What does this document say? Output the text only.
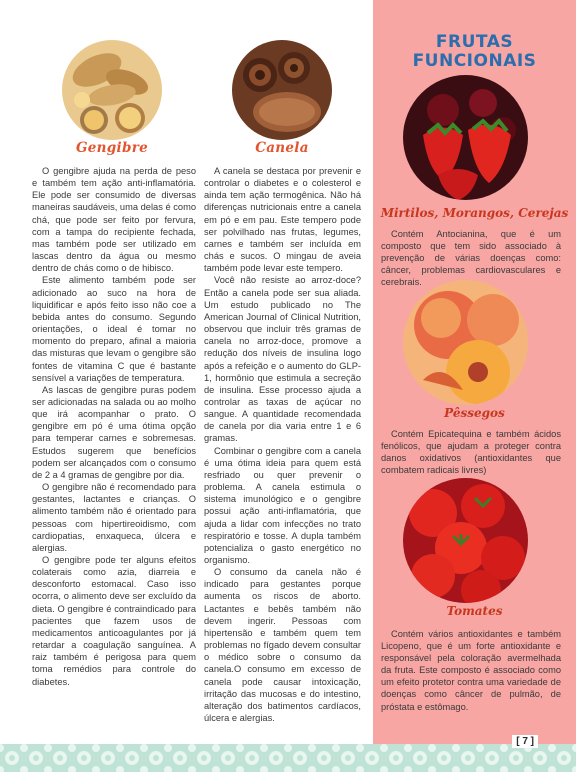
Gengibre

O gengibre ajuda na perda de peso e também tem ação anti-inflamatória. Ele pode ser consumido de diversas maneiras saudáveis, uma delas é como chá, que pode ser feito por fervura, com a tampa do recipiente fechada, mas também pode ser utilizado em lascas dentro da água ou mesmo dentro de chás como o de hibisco.

Este alimento também pode ser adicionado ao suco na hora de liquidificar e após feito isso não coe a bebida antes do consumo. Segundo orientações, o ideal é tomar no momento do preparo, afinal a maioria das misturas que levam o gengibre são fontes de vitamina C que é bastante sensível a variações de temperatura.

As lascas de gengibre puras podem ser adicionadas na salada ou ao molho que irá acompanhar o prato. O gengibre em pó é uma ótima opção para temperar carnes e sobremesas. Estudos sugerem que benefícios podem ser alcançados com o consumo de 2 a 4 gramas de gengibre por dia.

O gengibre não é recomendado para gestantes, lactantes e crianças. O alimento também não é orientado para pessoas com hipertireoidismo, com cardiopatias, enxaqueca, úlcera e alergias.

O gengibre pode ter alguns efeitos colaterais como azia, diarreia e desconforto estomacal. Caso isso ocorra, o alimento deve ser excluído da dieta. O gengibre é contraindicado para pacientes que fazem usos de medicamentos anticoagulantes por já retardar a coagulação sanguínea. A raiz também é perigosa para quem toma remédios para controle do diabetes.

Canela

A canela se destaca por prevenir e controlar o diabetes e o colesterol e ainda tem ação termogênica. Não há diferenças nutricionais entre a canela em pó e em pau. Este tempero pode ser polvilhado nas frutas, legumes, carnes e também ser incluída em chás e sucos. O mingau de aveia também pode levar este tempero.

Você não resiste ao arroz-doce? Então a canela pode ser sua aliada. Um estudo publicado no The American Journal of Clinical Nutrition, observou que incluir três gramas de canela no arroz-doce, promove a redução dos níveis de insulina logo após a refeição e o aumento do GLP-1, hormônio que estimula a secreção de insulina. Esse processo ajuda a controlar as taxas de açúcar no sangue. A quantidade recomendada de canela por dia varia entre 1 e 6 gramas.

Combinar o gengibre com a canela é uma ótima ideia para quem está resfriado ou quer prevenir o problema. A canela estimula o sistema imunológico e o gengibre possui ação anti-inflamatória, que ajuda a lidar com infecções no trato respiratório e tosse. A dupla também potencializa o gasto energético no organismo.

O consumo da canela não é indicado para gestantes porque aumenta os riscos de aborto. Lactantes e bebês também não devem ingerir. Pessoas com hipertensão e também quem tem problemas no fígado devem consultar o médico sobre o consumo da canela.O consumo em excesso de canela pode causar intoxicação, irritação das mucosas e do intestino, alteração dos batimentos cardíacos, úlcera e alergias.

FRUTAS
FUNCIONAIS
Mirtilos, Morangos, Cerejas

Contém Antocianina, que é um composto que tem sido associado à prevenção de várias doenças como: câncer, problemas cardiovasculares e cerebrais.

Pêssegos

Contém Epicatequina e também ácidos fenólicos, que ajudam a proteger contra danos oxidativos (antioxidantes que combatem radicais livres)

Tomates

Contém vários antioxidantes e também Licopeno, que é um forte antioxidante e responsável pela coloração avermelhada da fruta. Este composto é associado como um efeito protetor contra uma variedade de doenças como câncer de pulmão, de próstata e estômago.

[ 7 ]
